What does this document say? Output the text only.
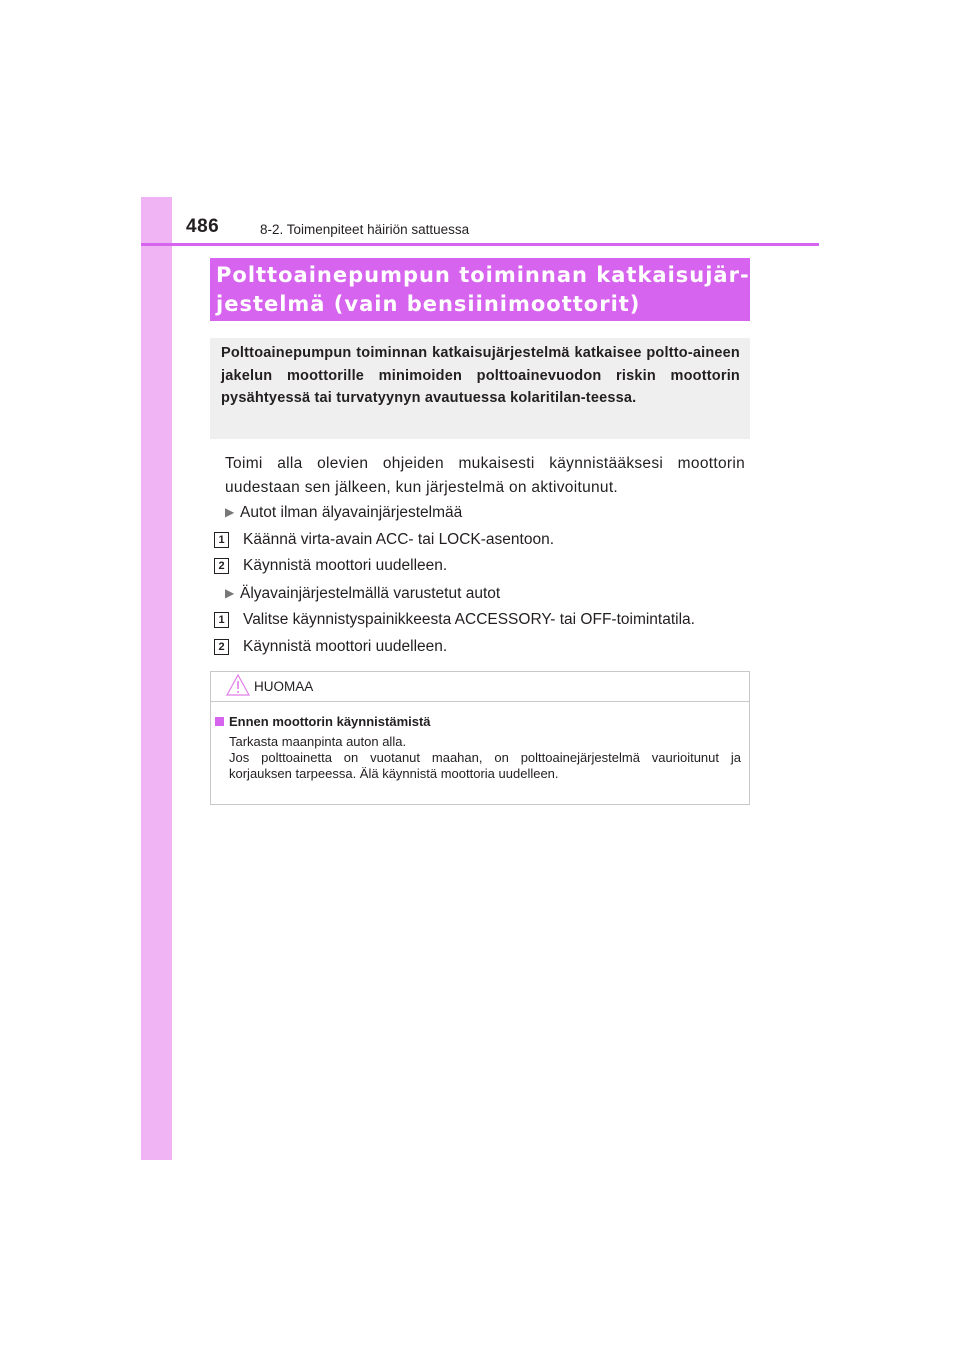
486	8-2. Toimenpiteet häiriön sattuessa

Polttoainepumpun toiminnan katkaisujär-
jestelmä (vain bensiinimoottorit)

Polttoainepumpun toiminnan katkaisujärjestelmä katkaisee poltto-aineen jakelun moottorille minimoiden polttoainevuodon riskin moottorin pysähtyessä tai turvatyynyn avautuessa kolaritilan-teessa.

Toimi alla olevien ohjeiden mukaisesti käynnistääksesi moottorin uudestaan sen jälkeen, kun järjestelmä on aktivoitunut.

▶ Autot ilman älyavainjärjestelmää
1 Käännä virta-avain ACC- tai LOCK-asentoon.
2 Käynnistä moottori uudelleen.
▶ Älyavainjärjestelmällä varustetut autot
1 Valitse käynnistyspainikkeesta ACCESSORY- tai OFF-toimintatila.
2 Käynnistä moottori uudelleen.
HUOMAA
Ennen moottorin käynnistämistä

Tarkasta maanpinta auton alla.
Jos polttoainetta on vuotanut maahan, on polttoainejärjestelmä vaurioitunut ja korjauksen tarpeessa. Älä käynnistä moottoria uudelleen.
